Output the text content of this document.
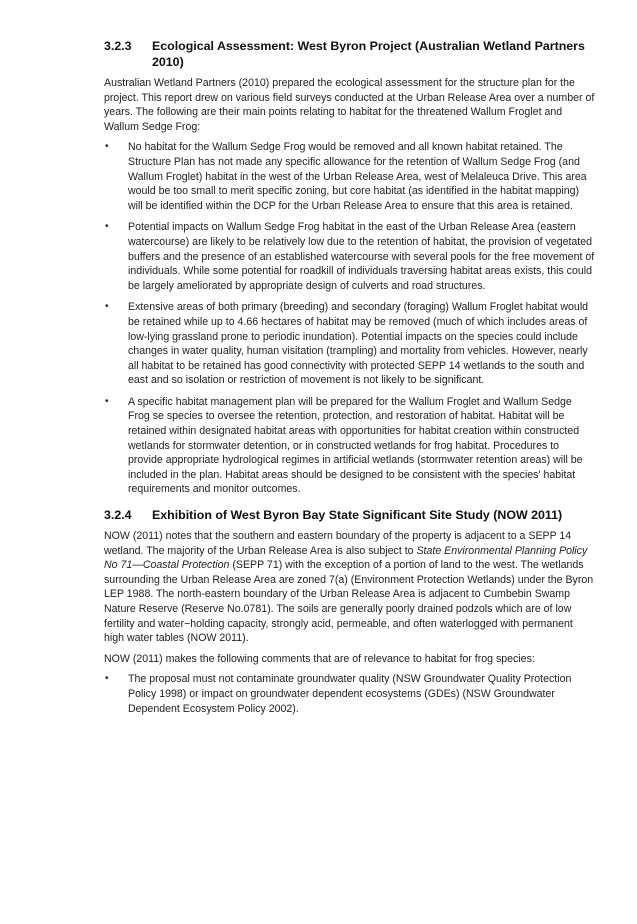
3.2.3	Ecological Assessment: West Byron Project (Australian Wetland Partners 2010)

Australian Wetland Partners (2010) prepared the ecological assessment for the structure plan for the project. This report drew on various field surveys conducted at the Urban Release Area over a number of years. The following are their main points relating to habitat for the threatened Wallum Froglet and Wallum Sedge Frog:

• No habitat for the Wallum Sedge Frog would be removed and all known habitat retained. The Structure Plan has not made any specific allowance for the retention of Wallum Sedge Frog (and Wallum Froglet) habitat in the west of the Urban Release Area, west of Melaleuca Drive. This area would be too small to merit specific zoning, but core habitat (as identified in the habitat mapping) will be identified within the DCP for the Urban Release Area to ensure that this area is retained.
• Potential impacts on Wallum Sedge Frog habitat in the east of the Urban Release Area (eastern watercourse) are likely to be relatively low due to the retention of habitat, the provision of vegetated buffers and the presence of an established watercourse with several pools for the free movement of individuals. While some potential for roadkill of individuals traversing habitat areas exists, this could be largely ameliorated by appropriate design of culverts and road structures.
• Extensive areas of both primary (breeding) and secondary (foraging) Wallum Froglet habitat would be retained while up to 4.66 hectares of habitat may be removed (much of which includes areas of low-lying grassland prone to periodic inundation). Potential impacts on the species could include changes in water quality, human visitation (trampling) and mortality from vehicles. However, nearly all habitat to be retained has good connectivity with protected SEPP 14 wetlands to the south and east and so isolation or restriction of movement is not likely to be significant.
• A specific habitat management plan will be prepared for the Wallum Froglet and Wallum Sedge Frog se species to oversee the retention, protection, and restoration of habitat. Habitat will be retained within designated habitat areas with opportunities for habitat creation within constructed wetlands for stormwater detention, or in constructed wetlands for frog habitat. Procedures to provide appropriate hydrological regimes in artificial wetlands (stormwater retention areas) will be included in the plan. Habitat areas should be designed to be consistent with the species' habitat requirements and monitor outcomes.
3.2.4	Exhibition of West Byron Bay State Significant Site Study (NOW 2011)

NOW (2011) notes that the southern and eastern boundary of the property is adjacent to a SEPP 14 wetland. The majority of the Urban Release Area is also subject to State Environmental Planning Policy No 71—Coastal Protection (SEPP 71) with the exception of a portion of land to the west. The wetlands surrounding the Urban Release Area are zoned 7(a) (Environment Protection Wetlands) under the Byron LEP 1988. The north-eastern boundary of the Urban Release Area is adjacent to Cumbebin Swamp Nature Reserve (Reserve No.0781). The soils are generally poorly drained podzols which are of low fertility and water−holding capacity, strongly acid, permeable, and often waterlogged with permanent high water tables (NOW 2011).

NOW (2011) makes the following comments that are of relevance to habitat for frog species:

• The proposal must not contaminate groundwater quality (NSW Groundwater Quality Protection Policy 1998) or impact on groundwater dependent ecosystems (GDEs) (NSW Groundwater Dependent Ecosystem Policy 2002).
